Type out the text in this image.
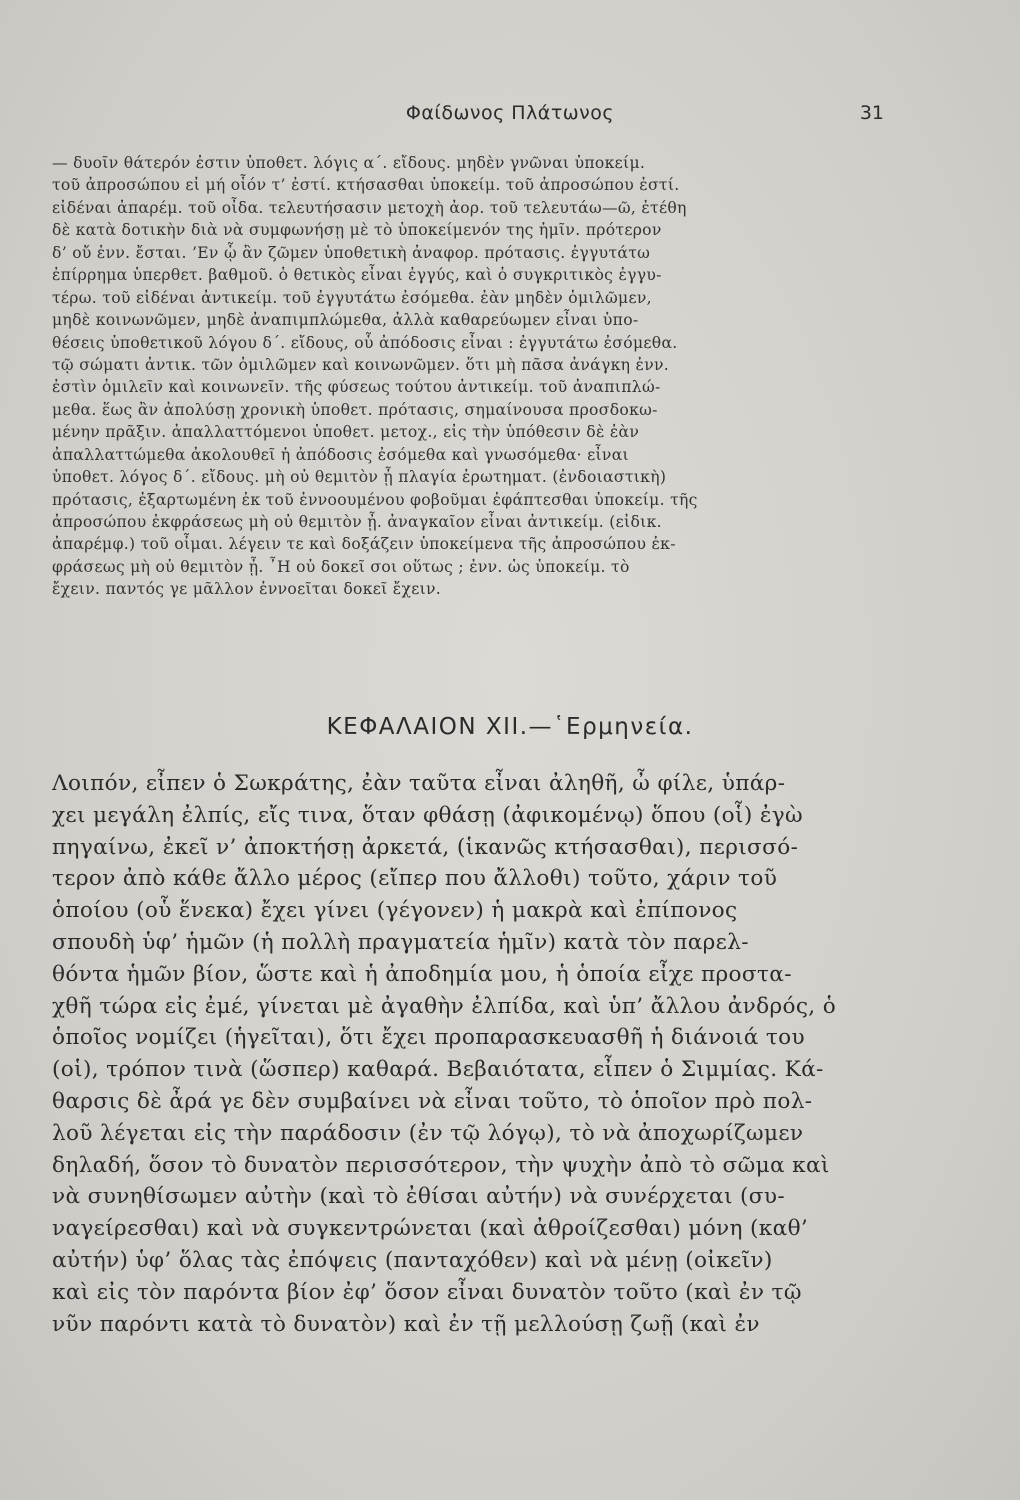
Φαίδωνος Πλάτωνος	31
— δυοῖν θάτερόν ἐστιν ὑποθετ. λόγις α΄. εἴδους. μηδὲν γνῶναι ὑποκείμ.
τοῦ ἀπροσώπου εἰ μή οἷόν τ’ ἐστί. κτήσασθαι ὑποκείμ. τοῦ ἀπροσώπου ἐστί.
εἰδέναι ἀπαρέμ. τοῦ οἶδα. τελευτήσασιν μετοχὴ ἀορ. τοῦ τελευτάω—ῶ, ἐτέθη
δὲ κατὰ δοτικὴν διὰ νὰ συμφωνήσῃ μὲ τὸ ὑποκείμενόν της ἡμῖν. πρότερον
δ’ οὔ ἐνν. ἔσται. ’Εν ᾧ ἂν ζῶμεν ὑποθετικὴ ἀναφορ. πρότασις. ἐγγυτάτω
ἐπίρρημα ὑπερθετ. βαθμοῦ. ὁ θετικὸς εἶναι ἐγγύς, καὶ ὁ συγκριτικὸς ἐγγυ-
τέρω. τοῦ εἰδέναι ἀντικείμ. τοῦ ἐγγυτάτω ἐσόμεθα. ἐὰν μηδὲν ὁμιλῶμεν,
μηδὲ κοινωνῶμεν, μηδὲ ἀναπιμπλώμεθα, ἀλλὰ καθαρεύωμεν εἶναι ὑπο-
θέσεις ὑποθετικοῦ λόγου δ΄. εἴδους, οὗ ἀπόδοσις εἶναι : ἐγγυτάτω ἐσόμεθα.
τῷ σώματι ἀντικ. τῶν ὁμιλῶμεν καὶ κοινωνῶμεν. ὅτι μὴ πᾶσα ἀνάγκη ἐνν.
ἐστὶν ὁμιλεῖν καὶ κοινωνεῖν. τῆς φύσεως τούτου ἀντικείμ. τοῦ ἀναπιπλώ-
μεθα. ἕως ἂν ἀπολύσῃ χρονικὴ ὑποθετ. πρότασις, σημαίνουσα προσδοκω-
μένην πρᾶξιν. ἀπαλλαττόμενοι ὑποθετ. μετοχ., εἰς τὴν ὑπόθεσιν δὲ ἐὰν
ἀπαλλαττώμεθα ἀκολουθεῖ ἡ ἀπόδοσις ἐσόμεθα καὶ γνωσόμεθα· εἶναι
ὑποθετ. λόγος δ΄. εἴδους. μὴ οὐ θεμιτὸν ᾖ πλαγία ἐρωτηματ. (ἐνδοιαστικὴ)
πρότασις, ἐξαρτωμένη ἐκ τοῦ ἐννοουμένου φοβοῦμαι ἐφάπτεσθαι ὑποκείμ. τῆς
ἀπροσώπου ἐκφράσεως μὴ οὐ θεμιτὸν ᾖ. ἀναγκαῖον εἶναι ἀντικείμ. (εἰδικ.
ἀπαρέμφ.) τοῦ οἶμαι. λέγειν τε καὶ δοξάζειν ὑποκείμενα τῆς ἀπροσώπου ἐκ-
φράσεως μὴ οὐ θεμιτὸν ᾖ. ῏Η οὐ δοκεῖ σοι οὕτως ; ἐνν. ὡς ὑποκείμ. τὸ
ἔχειν. παντός γε μᾶλλον ἐννοεῖται δοκεῖ ἔχειν.
ΚΕΦΑΛΑΙΟΝ XII.—῾Ερμηνεία.
Λοιπόν, εἶπεν ὁ Σωκράτης, ἐὰν ταῦτα εἶναι ἀληθῆ, ὦ φίλε, ὑπάρ-
χει μεγάλη ἐλπίς, εἴς τινα, ὅταν φθάσῃ (ἀφικομένῳ) ὅπου (οἷ) ἐγὼ
πηγαίνω, ἐκεῖ ν’ ἀποκτήσῃ ἀρκετά, (ἱκανῶς κτήσασθαι), περισσό-
τερον ἀπὸ κάθε ἄλλο μέρος (εἴπερ που ἄλλοθι) τοῦτο, χάριν τοῦ
ὁποίου (οὗ ἕνεκα) ἔχει γίνει (γέγονεν) ἡ μακρὰ καὶ ἐπίπονος
σπουδὴ ὑφ’ ἡμῶν (ἡ πολλὴ πραγματεία ἡμῖν) κατὰ τὸν παρελ-
θόντα ἡμῶν βίον, ὥστε καὶ ἡ ἀποδημία μου, ἡ ὁποία εἶχε προστα-
χθῆ τώρα εἰς ἐμέ, γίνεται μὲ ἀγαθὴν ἐλπίδα, καὶ ὑπ’ ἄλλου ἀνδρός, ὁ
ὁποῖος νομίζει (ἡγεῖται), ὅτι ἔχει προπαρασκευασθῆ ἡ διάνοιά του
(οἱ), τρόπον τινὰ (ὥσπερ) καθαρά. Βεβαιότατα, εἶπεν ὁ Σιμμίας. Κά-
θαρσις δὲ ἆρά γε δὲν συμβαίνει νὰ εἶναι τοῦτο, τὸ ὁποῖον πρὸ πολ-
λοῦ λέγεται εἰς τὴν παράδοσιν (ἐν τῷ λόγῳ), τὸ νὰ ἀποχωρίζωμεν
δηλαδή, ὅσον τὸ δυνατὸν περισσότερον, τὴν ψυχὴν ἀπὸ τὸ σῶμα καὶ
νὰ συνηθίσωμεν αὐτὴν (καὶ τὸ ἐθίσαι αὐτήν) νὰ συνέρχεται (συ-
ναγείρεσθαι) καὶ νὰ συγκεντρώνεται (καὶ ἀθροίζεσθαι) μόνη (καθ’
αὐτήν) ὑφ’ ὅλας τὰς ἐπόψεις (πανταχόθεν) καὶ νὰ μένῃ (οἰκεῖν)
καὶ εἰς τὸν παρόντα βίον ἐφ’ ὅσον εἶναι δυνατὸν τοῦτο (καὶ ἐν τῷ
νῦν παρόντι κατὰ τὸ δυνατὸν) καὶ ἐν τῇ μελλούσῃ ζωῇ (καὶ ἐν
